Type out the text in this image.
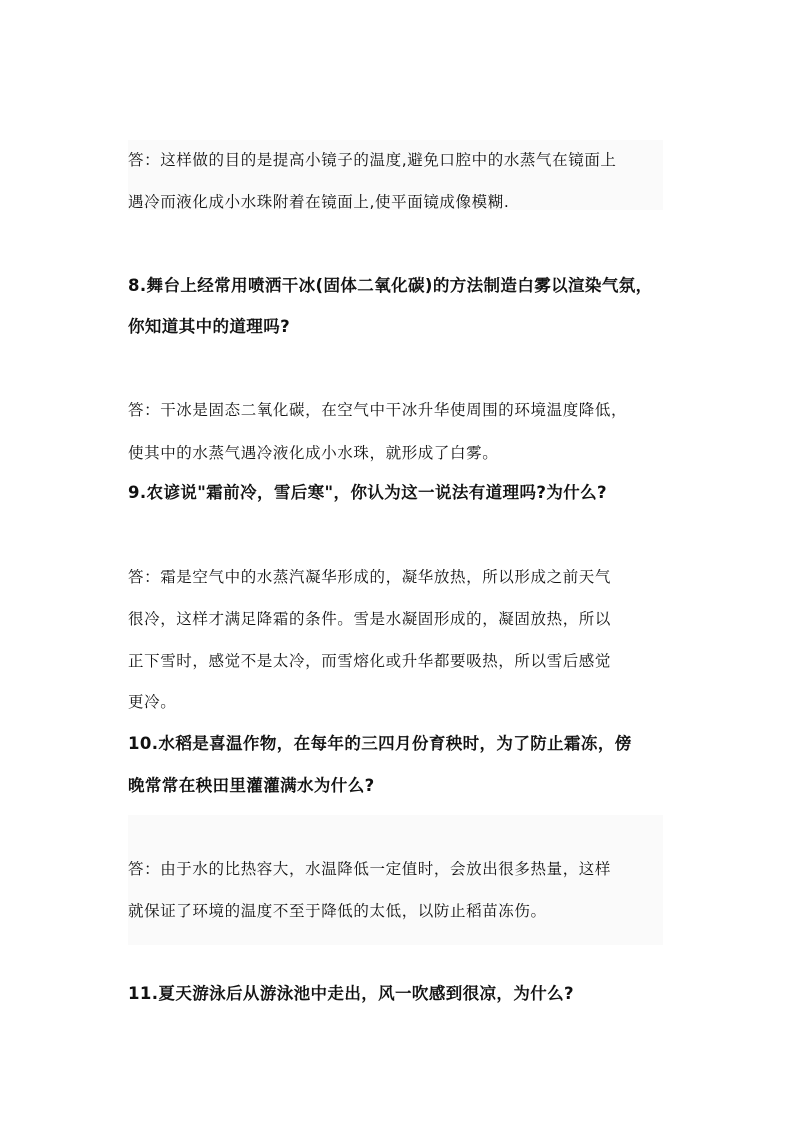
答：这样做的目的是提高小镜子的温度,避免口腔中的水蒸气在镜面上
遇冷而液化成小水珠附着在镜面上,使平面镜成像模糊.
8.舞台上经常用喷洒干冰(固体二氧化碳)的方法制造白雾以渲染气氛，
你知道其中的道理吗?
答：干冰是固态二氧化碳，在空气中干冰升华使周围的环境温度降低，
使其中的水蒸气遇冷液化成小水珠，就形成了白雾。
9.农谚说"霜前冷，雪后寒"，你认为这一说法有道理吗?为什么?
答：霜是空气中的水蒸汽凝华形成的，凝华放热，所以形成之前天气
很冷，这样才满足降霜的条件。雪是水凝固形成的，凝固放热，所以
正下雪时，感觉不是太冷，而雪熔化或升华都要吸热，所以雪后感觉
更冷。
10.水稻是喜温作物，在每年的三四月份育秧时，为了防止霜冻，傍
晚常常在秧田里灌灌满水为什么?
答：由于水的比热容大，水温降低一定值时，会放出很多热量，这样
就保证了环境的温度不至于降低的太低，以防止稻苗冻伤。
11.夏天游泳后从游泳池中走出，风一吹感到很凉，为什么?
